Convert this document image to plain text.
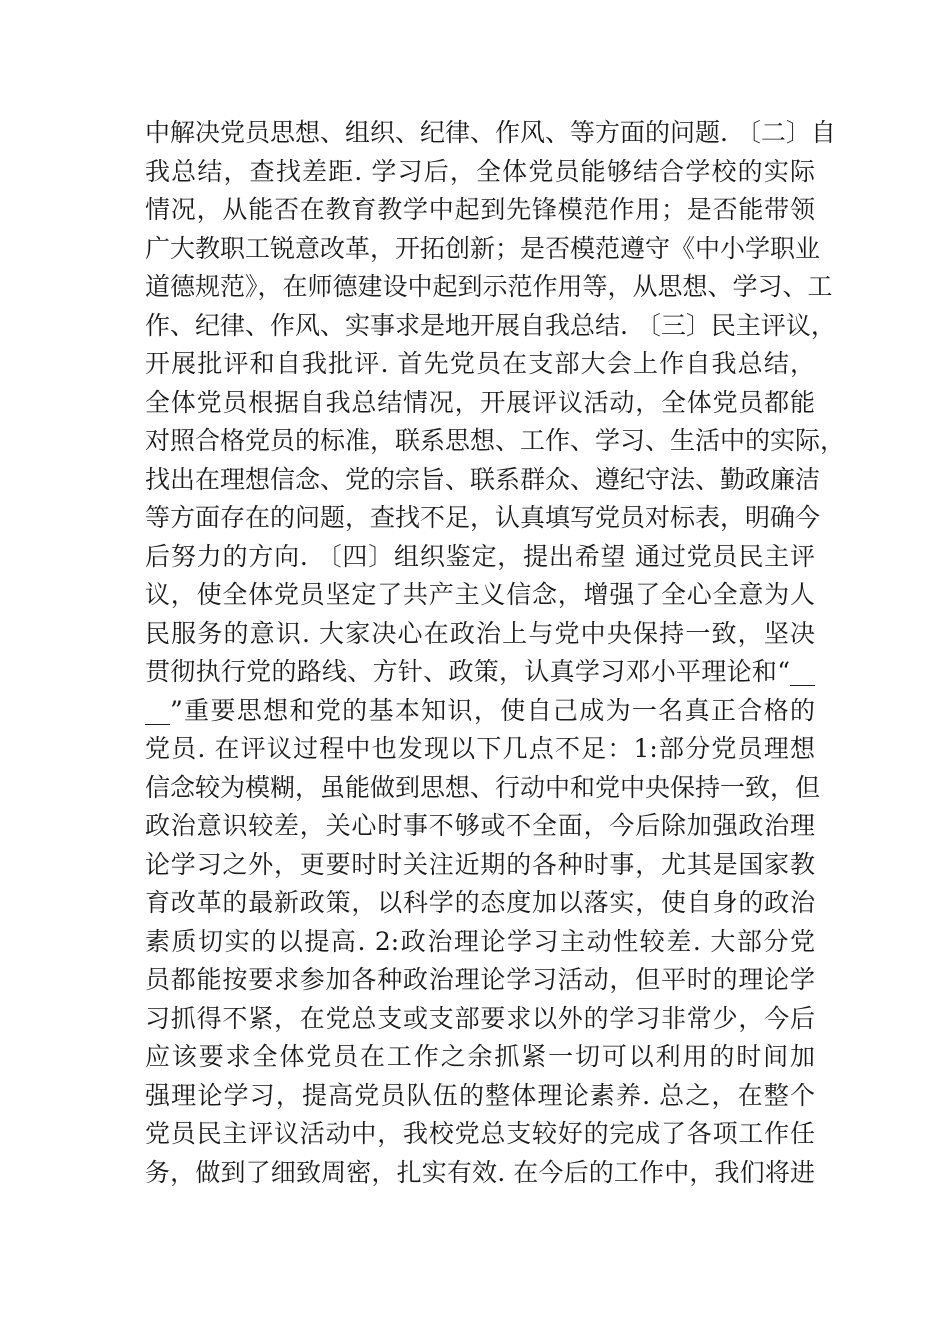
中解决党员思想、组织、纪律、作风、等方面的问题. 〔二〕自
我总结，查找差距. 学习后，全体党员能够结合学校的实际
情况，从能否在教育教学中起到先锋模范作用；是否能带领
广大教职工锐意改革，开拓创新；是否模范遵守《中小学职业
道德规范》，在师德建设中起到示范作用等，从思想、学习、工
作、纪律、作风、实事求是地开展自我总结. 〔三〕民主评议，
开展批评和自我批评. 首先党员在支部大会上作自我总结，
全体党员根据自我总结情况，开展评议活动，全体党员都能
对照合格党员的标准，联系思想、工作、学习、生活中的实际，
找出在理想信念、党的宗旨、联系群众、遵纪守法、勤政廉洁
等方面存在的问题，查找不足，认真填写党员对标表，明确今
后努力的方向. 〔四〕组织鉴定，提出希望 通过党员民主评
议，使全体党员坚定了共产主义信念，增强了全心全意为人
民服务的意识. 大家决心在政治上与党中央保持一致，坚决
贯彻执行党的路线、方针、政策，认真学习邓小平理论和“__
__”重要思想和党的基本知识，使自己成为一名真正合格的
党员. 在评议过程中也发现以下几点不足：1:部分党员理想
信念较为模糊，虽能做到思想、行动中和党中央保持一致，但
政治意识较差，关心时事不够或不全面，今后除加强政治理
论学习之外，更要时时关注近期的各种时事，尤其是国家教
育改革的最新政策，以科学的态度加以落实，使自身的政治
素质切实的以提高. 2:政治理论学习主动性较差. 大部分党
员都能按要求参加各种政治理论学习活动，但平时的理论学
习抓得不紧，在党总支或支部要求以外的学习非常少，今后
应该要求全体党员在工作之余抓紧一切可以利用的时间加
强理论学习，提高党员队伍的整体理论素养. 总之，在整个
党员民主评议活动中，我校党总支较好的完成了各项工作任
务，做到了细致周密，扎实有效. 在今后的工作中，我们将进
